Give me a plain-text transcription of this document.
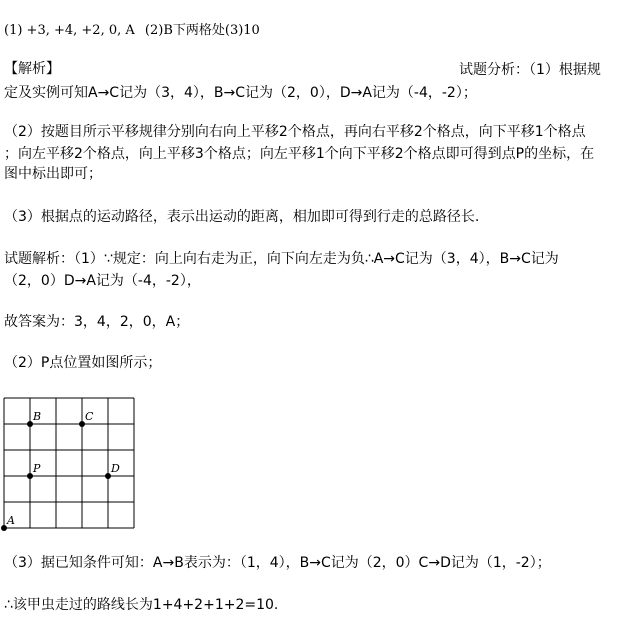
(1) +3, +4, +2, 0, A (2)B下两格处(3)10
【解析】	试题分析：（1）根据规
定及实例可知A→C记为（3，4），B→C记为（2，0），D→A记为（-4，-2）；
（2）按题目所示平移规律分别向右向上平移2个格点，再向右平移2个格点，向下平移1个格点
；向左平移2个格点，向上平移3个格点；向左平移1个向下平移2个格点即可得到点P的坐标，在
图中标出即可；
（3）根据点的运动路径，表示出运动的距离，相加即可得到行走的总路径长.
试题解析：（1）∵规定：向上向右走为正，向下向左走为负∴A→C记为（3，4），B→C记为
（2，0）D→A记为（-4，-2），
故答案为：3，4，2，0，A；
（2）P点位置如图所示；
A
B	C
D
P
（3）据已知条件可知：A→B表示为：（1，4），B→C记为（2，0）C→D记为（1，-2）；
∴该甲虫走过的路线长为1+4+2+1+2=10.
